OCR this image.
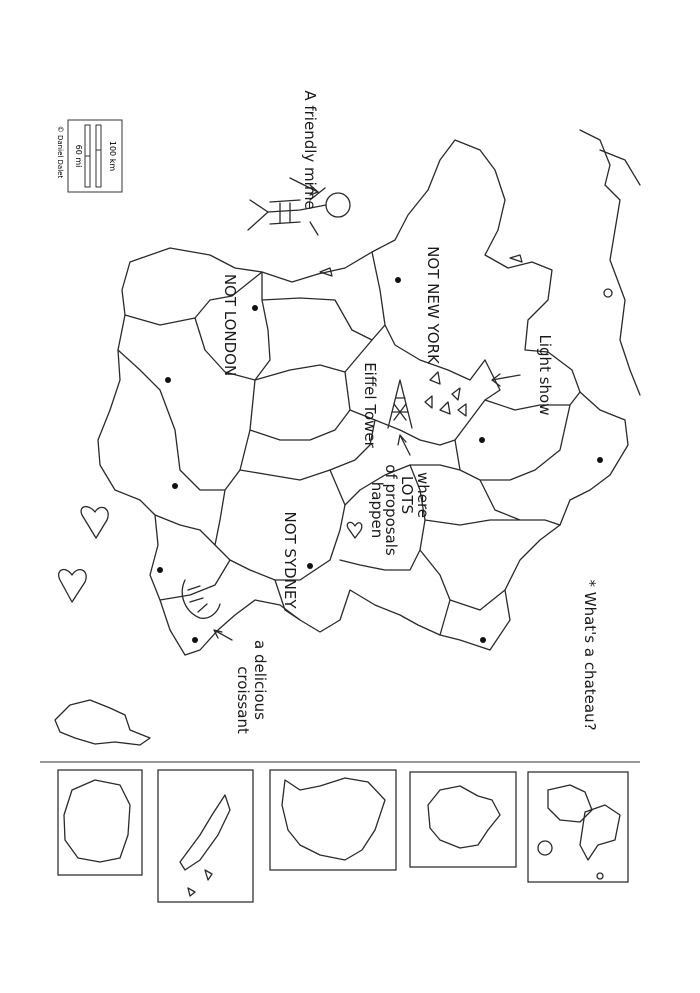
100 km
60 mi
© Daniel Dalet	A friendly mime
NOT LONDON	NOT NEW YORK
Eiffel Tower	Light show
where
LOTS
of proposals
happen
NOT SYDNEY
a delicious
croissant	* What's a chateau?
